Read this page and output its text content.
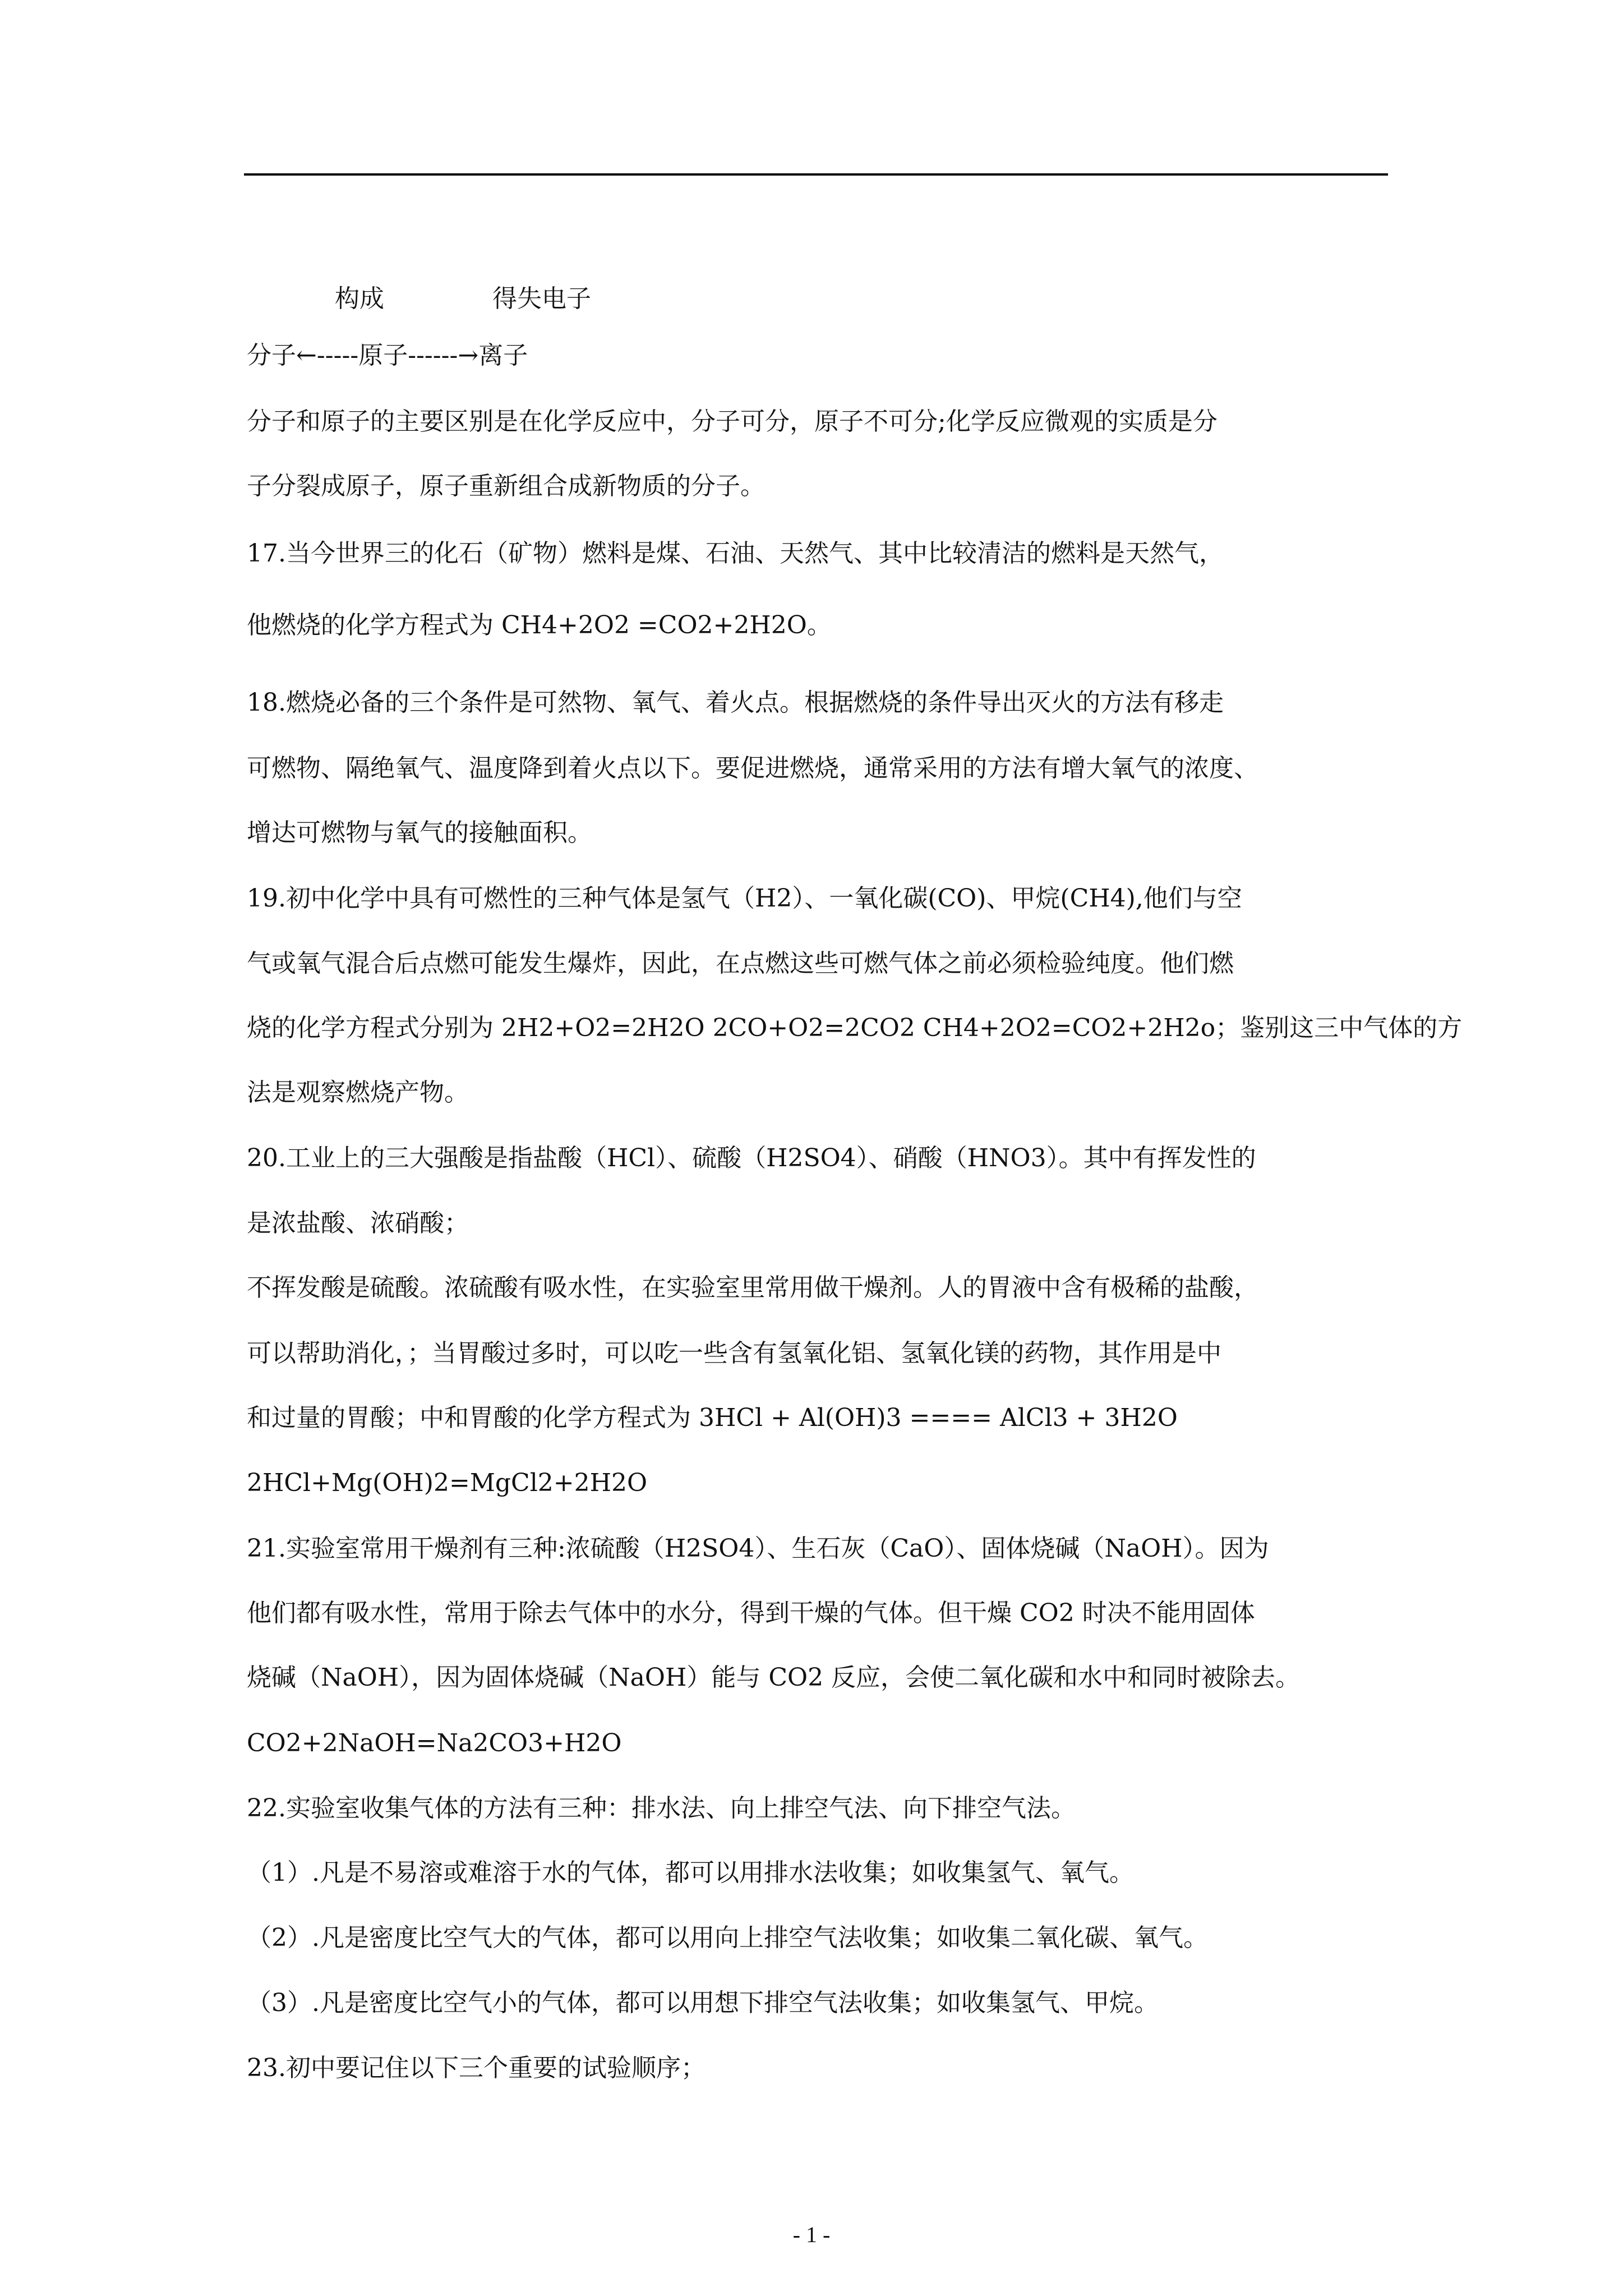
构成	得失电子
分子←-----原子------→离子
分子和原子的主要区别是在化学反应中，分子可分，原子不可分;化学反应微观的实质是分
子分裂成原子，原子重新组合成新物质的分子。
17.当今世界三的化石（矿物）燃料是煤、石油、天然气、其中比较清洁的燃料是天然气，
他燃烧的化学方程式为 CH4+2O2 =CO2+2H2O。
18.燃烧必备的三个条件是可然物、氧气、着火点。根据燃烧的条件导出灭火的方法有移走
可燃物、隔绝氧气、温度降到着火点以下。要促进燃烧，通常采用的方法有增大氧气的浓度、
增达可燃物与氧气的接触面积。
19.初中化学中具有可燃性的三种气体是氢气（H2）、一氧化碳(CO)、甲烷(CH4),他们与空
气或氧气混合后点燃可能发生爆炸，因此，在点燃这些可燃气体之前必须检验纯度。他们燃
烧的化学方程式分别为 2H2+O2=2H2O 2CO+O2=2CO2 CH4+2O2=CO2+2H2o；鉴别这三中气体的方
法是观察燃烧产物。
20.工业上的三大强酸是指盐酸（HCl）、硫酸（H2SO4）、硝酸（HNO3）。其中有挥发性的
是浓盐酸、浓硝酸；
不挥发酸是硫酸。浓硫酸有吸水性，在实验室里常用做干燥剂。人的胃液中含有极稀的盐酸，
可以帮助消化，；当胃酸过多时，可以吃一些含有氢氧化铝、氢氧化镁的药物，其作用是中
和过量的胃酸；中和胃酸的化学方程式为 3HCl + Al(OH)3 ==== AlCl3 + 3H2O
2HCl+Mg(OH)2=MgCl2+2H2O
21.实验室常用干燥剂有三种:浓硫酸（H2SO4）、生石灰（CaO）、固体烧碱（NaOH）。因为
他们都有吸水性，常用于除去气体中的水分，得到干燥的气体。但干燥 CO2 时决不能用固体
烧碱（NaOH），因为固体烧碱（NaOH）能与 CO2 反应，会使二氧化碳和水中和同时被除去。
CO2+2NaOH=Na2CO3+H2O
22.实验室收集气体的方法有三种：排水法、向上排空气法、向下排空气法。
（1）.凡是不易溶或难溶于水的气体，都可以用排水法收集；如收集氢气、氧气。
（2）.凡是密度比空气大的气体，都可以用向上排空气法收集；如收集二氧化碳、氧气。
（3）.凡是密度比空气小的气体，都可以用想下排空气法收集；如收集氢气、甲烷。
23.初中要记住以下三个重要的试验顺序；
- 1 -
